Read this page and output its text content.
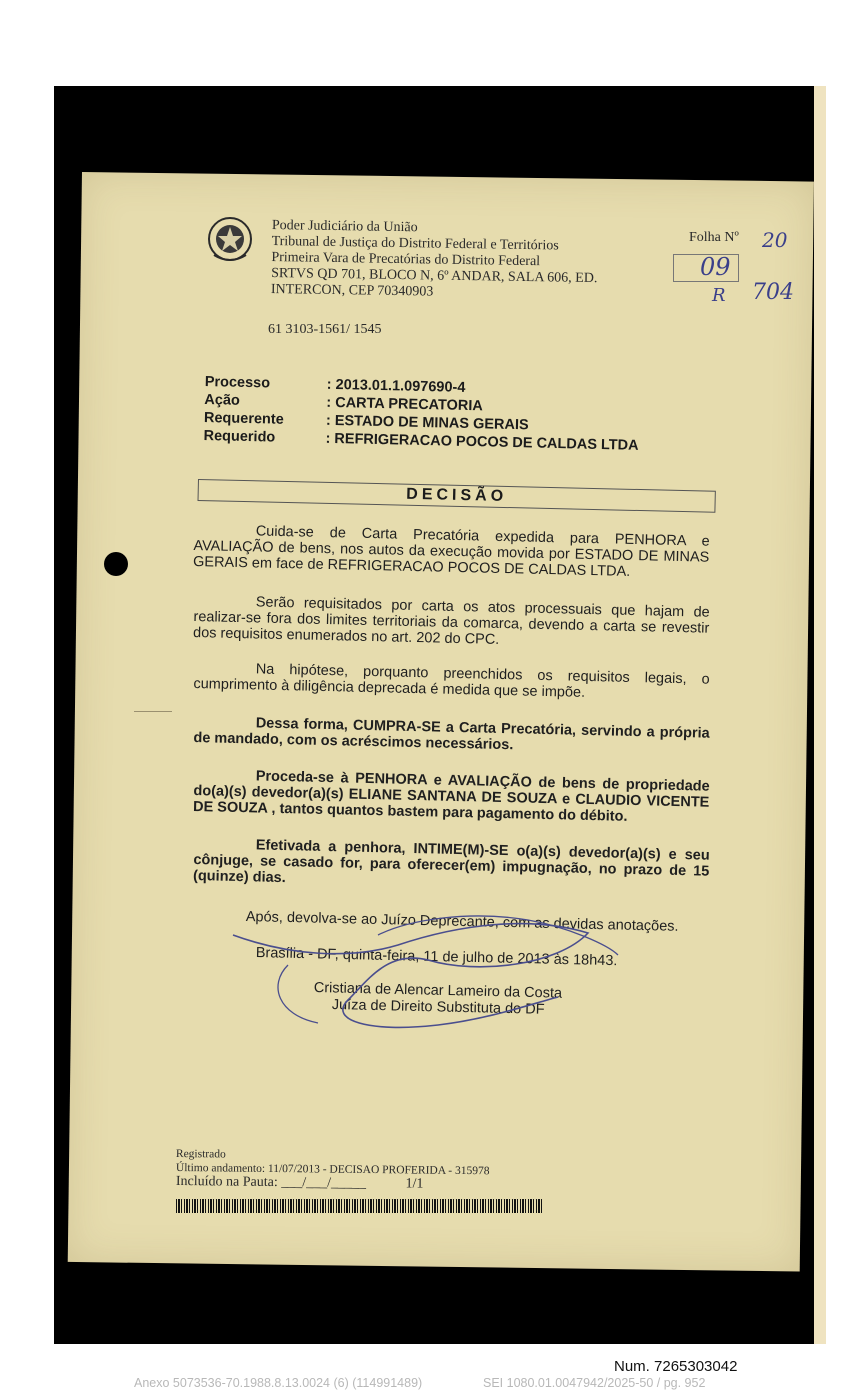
Poder Judiciário da União
Tribunal de Justiça do Distrito Federal e Territórios
Primeira Vara de Precatórias do Distrito Federal
SRTVS QD 701, BLOCO N, 6º ANDAR, SALA 606, ED.
INTERCON, CEP 70340903
61 3103-1561/ 1545
Folha Nº 20
09
R 704
Processo	: 2013.01.1.097690-4
Ação	: CARTA PRECATORIA
Requerente	: ESTADO DE MINAS GERAIS
Requerido	: REFRIGERACAO POCOS DE CALDAS LTDA
DECISÃO

Cuida-se de Carta Precatória expedida para PENHORA e AVALIAÇÃO de bens, nos autos da execução movida por ESTADO DE MINAS GERAIS em face de REFRIGERACAO POCOS DE CALDAS LTDA.

Serão requisitados por carta os atos processuais que hajam de realizar-se fora dos limites territoriais da comarca, devendo a carta se revestir dos requisitos enumerados no art. 202 do CPC.

Na hipótese, porquanto preenchidos os requisitos legais, o cumprimento à diligência deprecada é medida que se impõe.

Dessa forma, CUMPRA-SE a Carta Precatória, servindo a própria de mandado, com os acréscimos necessários.

Proceda-se à PENHORA e AVALIAÇÃO de bens de propriedade do(a)(s) devedor(a)(s) ELIANE SANTANA DE SOUZA e CLAUDIO VICENTE DE SOUZA , tantos quantos bastem para pagamento do débito.

Efetivada a penhora, INTIME(M)-SE o(a)(s) devedor(a)(s) e seu cônjuge, se casado for, para oferecer(em) impugnação, no prazo de 15 (quinze) dias.

Após, devolva-se ao Juízo Deprecante, com as devidas anotações.
Brasília - DF, quinta-feira, 11 de julho de 2013 às 18h43.
Cristiana de Alencar Lameiro da Costa
Juíza de Direito Substituta do DF
Registrado
Último andamento: 11/07/2013 - DECISAO PROFERIDA - 315978
Incluído na Pauta: ___/___/_____	1/1
Num. 7265303042
Anexo 5073536-70.1988.8.13.0024 (6) (114991489)	SEI 1080.01.0047942/2025-50 / pg. 952
